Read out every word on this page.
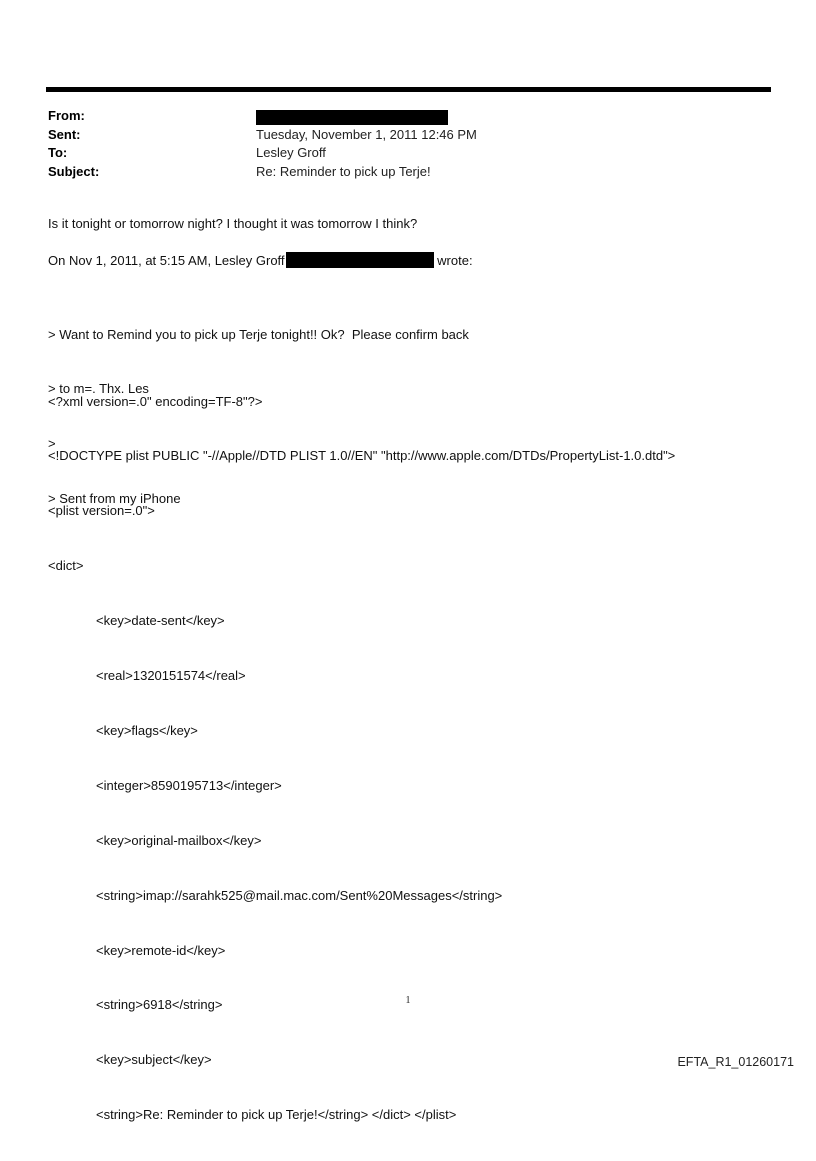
From:
Sent:	Tuesday, November 1, 2011 12:46 PM
To:	Lesley Groff
Subject:	Re: Reminder to pick up Terje!
Is it tonight or tomorrow night? I thought it was tomorrow I think?
On Nov 1, 2011, at 5:15 AM, Lesley Groff	wrote:

> Want to Remind you to pick up Terje tonight!! Ok?  Please confirm back

> to m=. Thx. Les

>

> Sent from my iPhone

<?xml version=.0" encoding=TF-8"?>

<!DOCTYPE plist PUBLIC "-//Apple//DTD PLIST 1.0//EN" "http://www.apple.com/DTDs/PropertyList-1.0.dtd">

<plist version=.0">

<dict>

<key>date-sent</key>

<real>1320151574</real>

<key>flags</key>

<integer>8590195713</integer>

<key>original-mailbox</key>

<string>imap://sarahk525@mail.mac.com/Sent%20Messages</string>

<key>remote-id</key>

<string>6918</string>

<key>subject</key>

<string>Re: Reminder to pick up Terje!</string> </dict> </plist>

1
EFTA_R1_01260171
